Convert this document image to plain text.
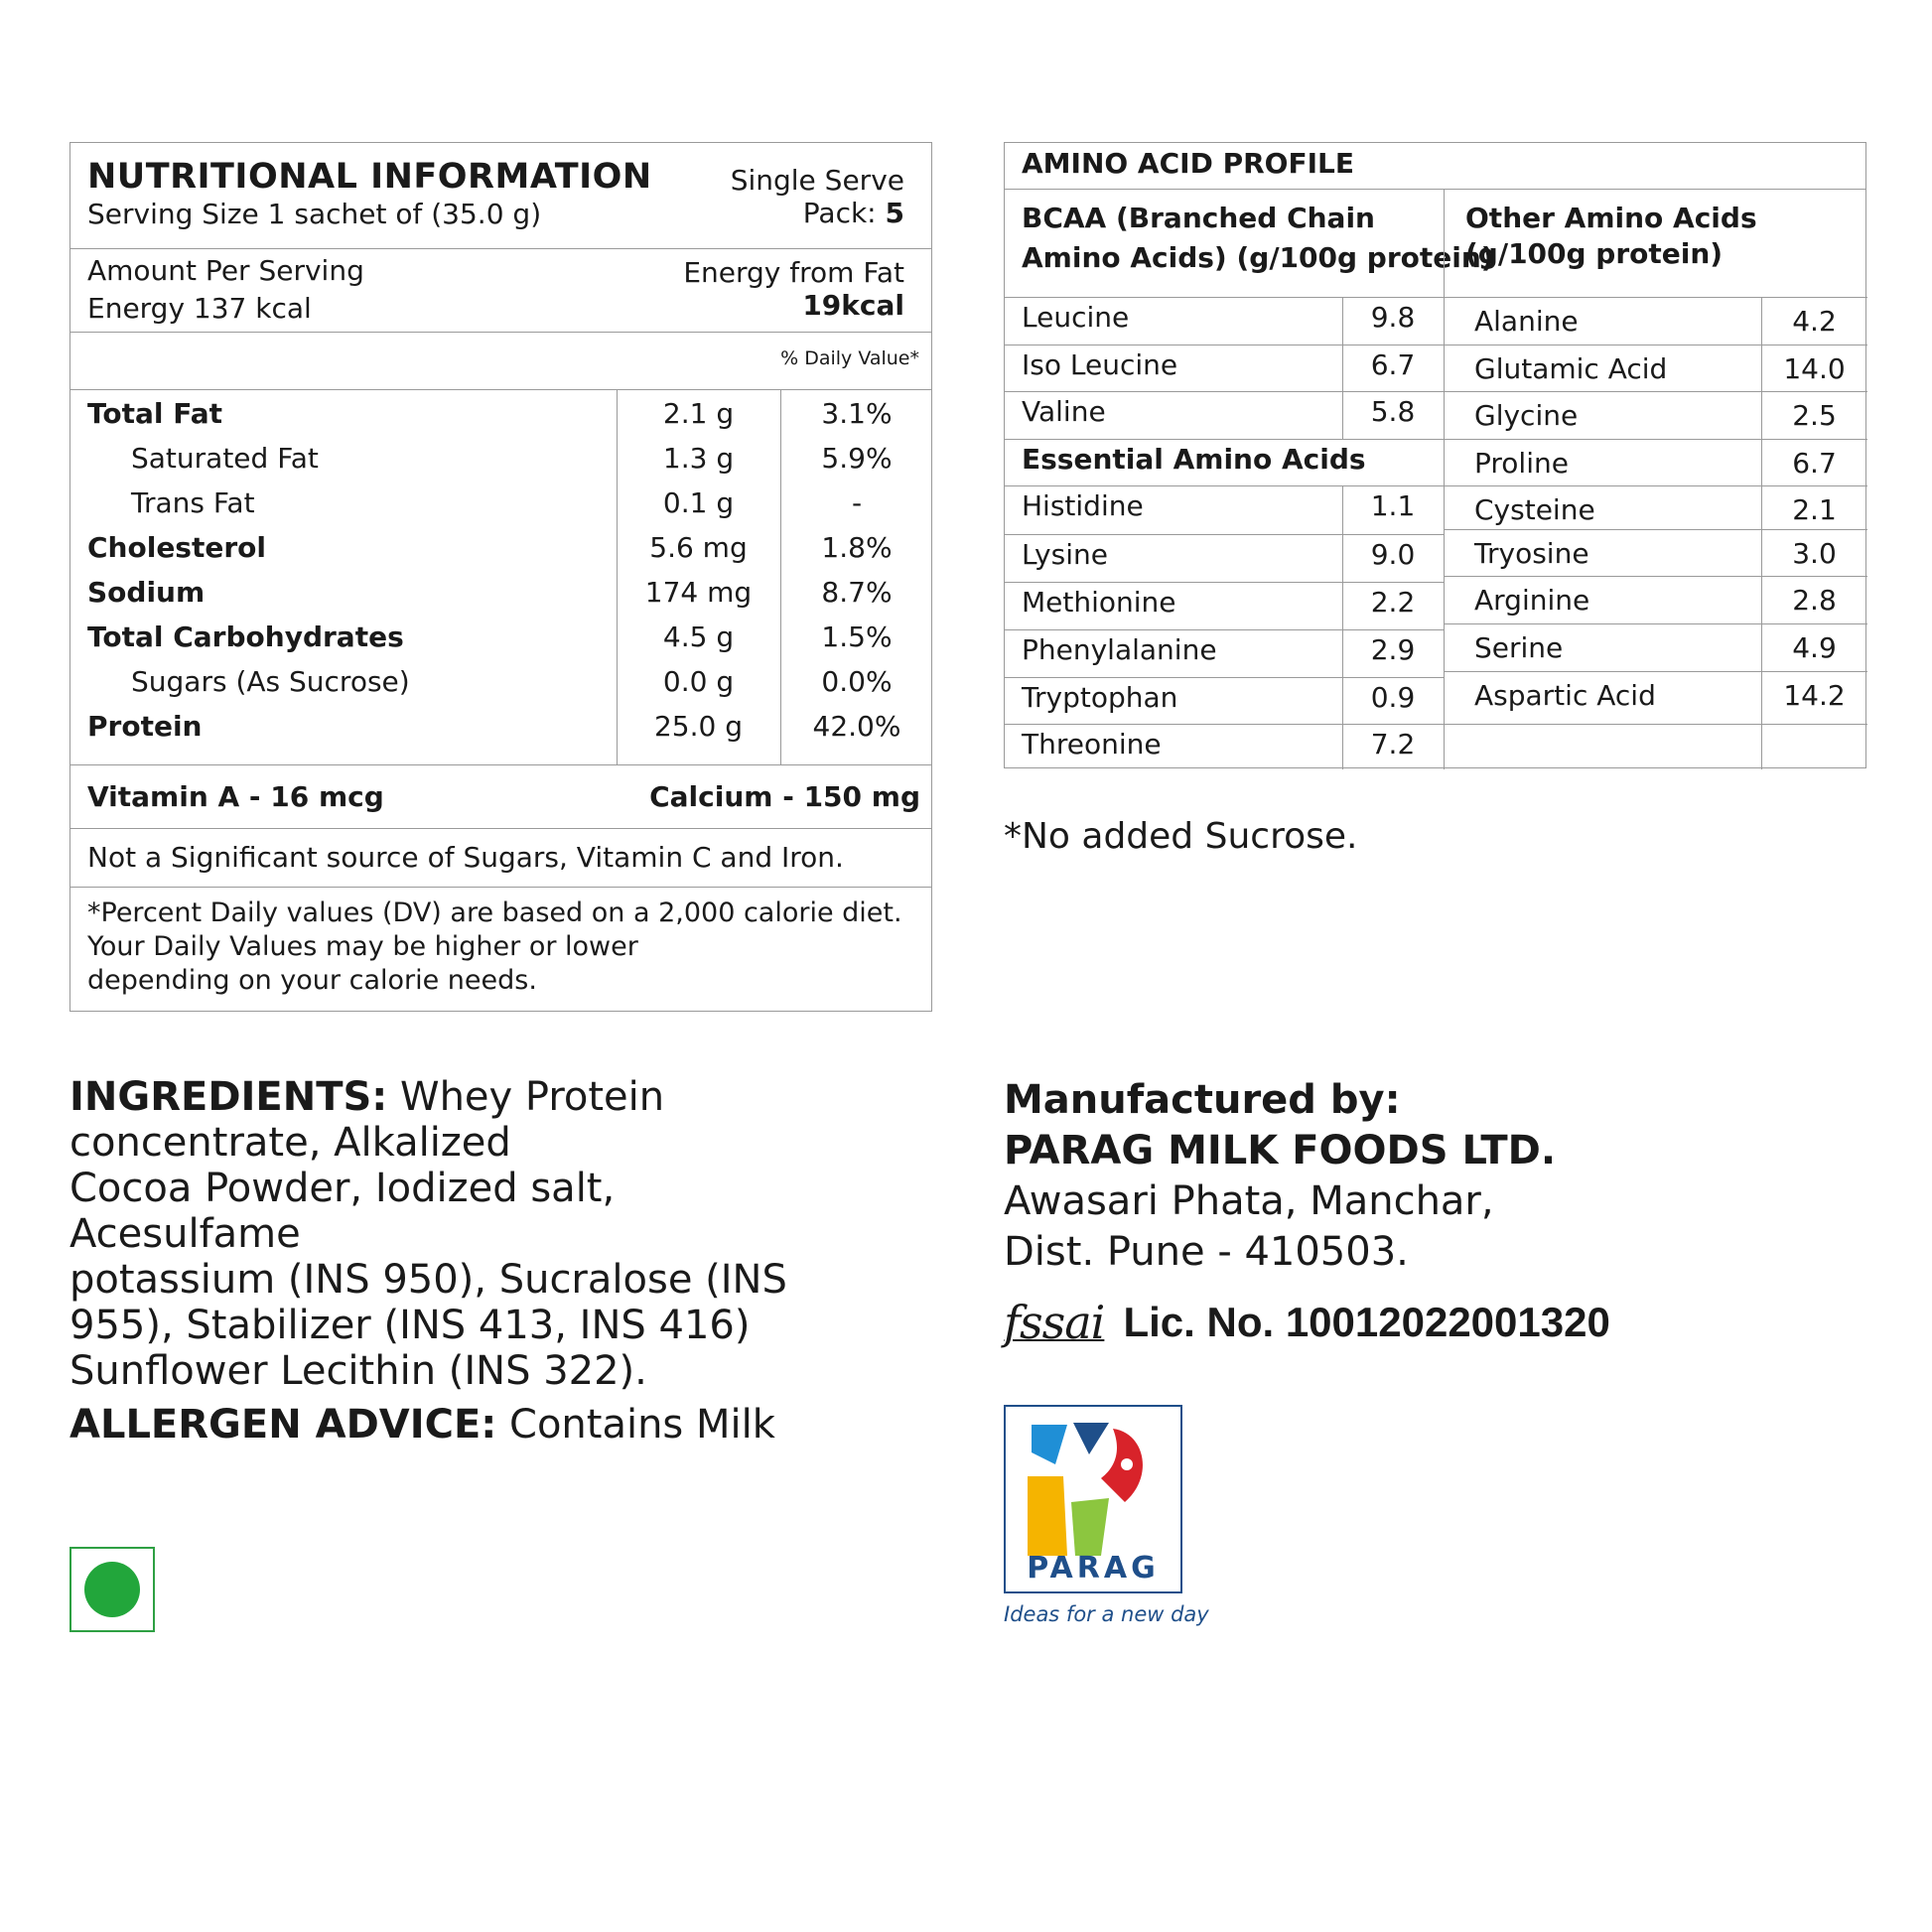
NUTRITIONAL INFORMATION
Serving Size 1 sachet of (35.0 g)
Single Serve
Pack: 5
Amount Per Serving
Energy 137 kcal
Energy from Fat
19kcal
% Daily Value*
Total Fat	2.1 g	3.1%
Saturated Fat	1.3 g	5.9%
Trans Fat	0.1 g	-
Cholesterol	5.6 mg	1.8%
Sodium	174 mg	8.7%
Total Carbohydrates	4.5 g	1.5%
Sugars (As Sucrose)	0.0 g	0.0%
Protein	25.0 g	42.0%
Vitamin A - 16 mcg	Calcium - 150 mg
Not a Significant source of Sugars, Vitamin C and Iron.
*Percent Daily values (DV) are based on a 2,000 calorie diet.
Your Daily Values may be higher or lower
depending on your calorie needs.
AMINO ACID PROFILE
BCAA (Branched Chain
Amino Acids) (g/100g protein)
Other Amino Acids
(g/100g protein)
Leucine	9.8
Iso Leucine	6.7
Valine	5.8
Essential Amino Acids
Histidine	1.1
Lysine	9.0
Methionine	2.2
Phenylalanine	2.9
Tryptophan	0.9
Threonine	7.2
Alanine	4.2
Glutamic Acid	14.0
Glycine	2.5
Proline	6.7
Cysteine	2.1
Tryosine	3.0
Arginine	2.8
Serine	4.9
Aspartic Acid	14.2
*No added Sucrose.
INGREDIENTS: Whey Protein
concentrate, Alkalized
Cocoa Powder, Iodized salt, Acesulfame
potassium (INS 950), Sucralose (INS
955), Stabilizer (INS 413, INS 416)
Sunflower Lecithin (INS 322).
ALLERGEN ADVICE: Contains Milk
Manufactured by:
PARAG MILK FOODS LTD.
Awasari Phata, Manchar,
Dist. Pune - 410503.
fssai Lic. No. 10012022001320
PARAG
Ideas for a new day
